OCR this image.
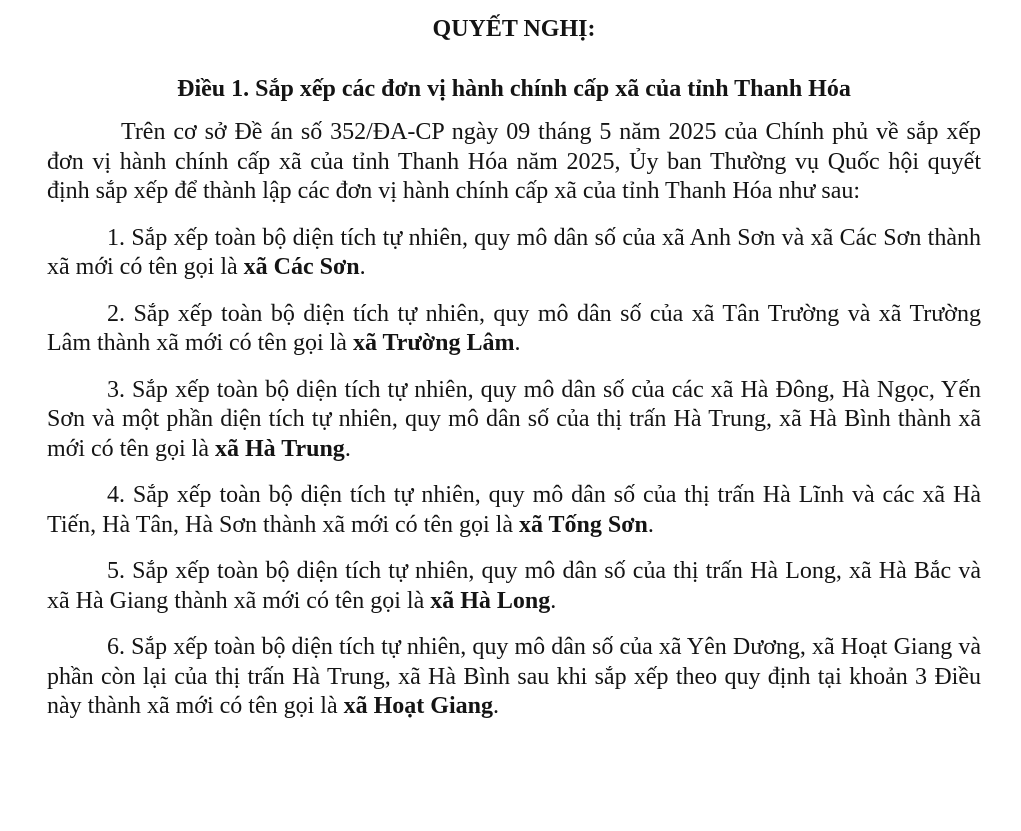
QUYẾT NGHỊ:
Điều 1. Sắp xếp các đơn vị hành chính cấp xã của tỉnh Thanh Hóa

Trên cơ sở Đề án số 352/ĐA-CP ngày 09 tháng 5 năm 2025 của Chính phủ về sắp xếp đơn vị hành chính cấp xã của tỉnh Thanh Hóa năm 2025, Ủy ban Thường vụ Quốc hội quyết định sắp xếp để thành lập các đơn vị hành chính cấp xã của tỉnh Thanh Hóa như sau:

1. Sắp xếp toàn bộ diện tích tự nhiên, quy mô dân số của xã Anh Sơn và xã Các Sơn thành xã mới có tên gọi là xã Các Sơn.

2. Sắp xếp toàn bộ diện tích tự nhiên, quy mô dân số của xã Tân Trường và xã Trường Lâm thành xã mới có tên gọi là xã Trường Lâm.

3. Sắp xếp toàn bộ diện tích tự nhiên, quy mô dân số của các xã Hà Đông, Hà Ngọc, Yến Sơn và một phần diện tích tự nhiên, quy mô dân số của thị trấn Hà Trung, xã Hà Bình thành xã mới có tên gọi là xã Hà Trung.

4. Sắp xếp toàn bộ diện tích tự nhiên, quy mô dân số của thị trấn Hà Lĩnh và các xã Hà Tiến, Hà Tân, Hà Sơn thành xã mới có tên gọi là xã Tống Sơn.

5. Sắp xếp toàn bộ diện tích tự nhiên, quy mô dân số của thị trấn Hà Long, xã Hà Bắc và xã Hà Giang thành xã mới có tên gọi là xã Hà Long.

6. Sắp xếp toàn bộ diện tích tự nhiên, quy mô dân số của xã Yên Dương, xã Hoạt Giang và phần còn lại của thị trấn Hà Trung, xã Hà Bình sau khi sắp xếp theo quy định tại khoản 3 Điều này thành xã mới có tên gọi là xã Hoạt Giang.
